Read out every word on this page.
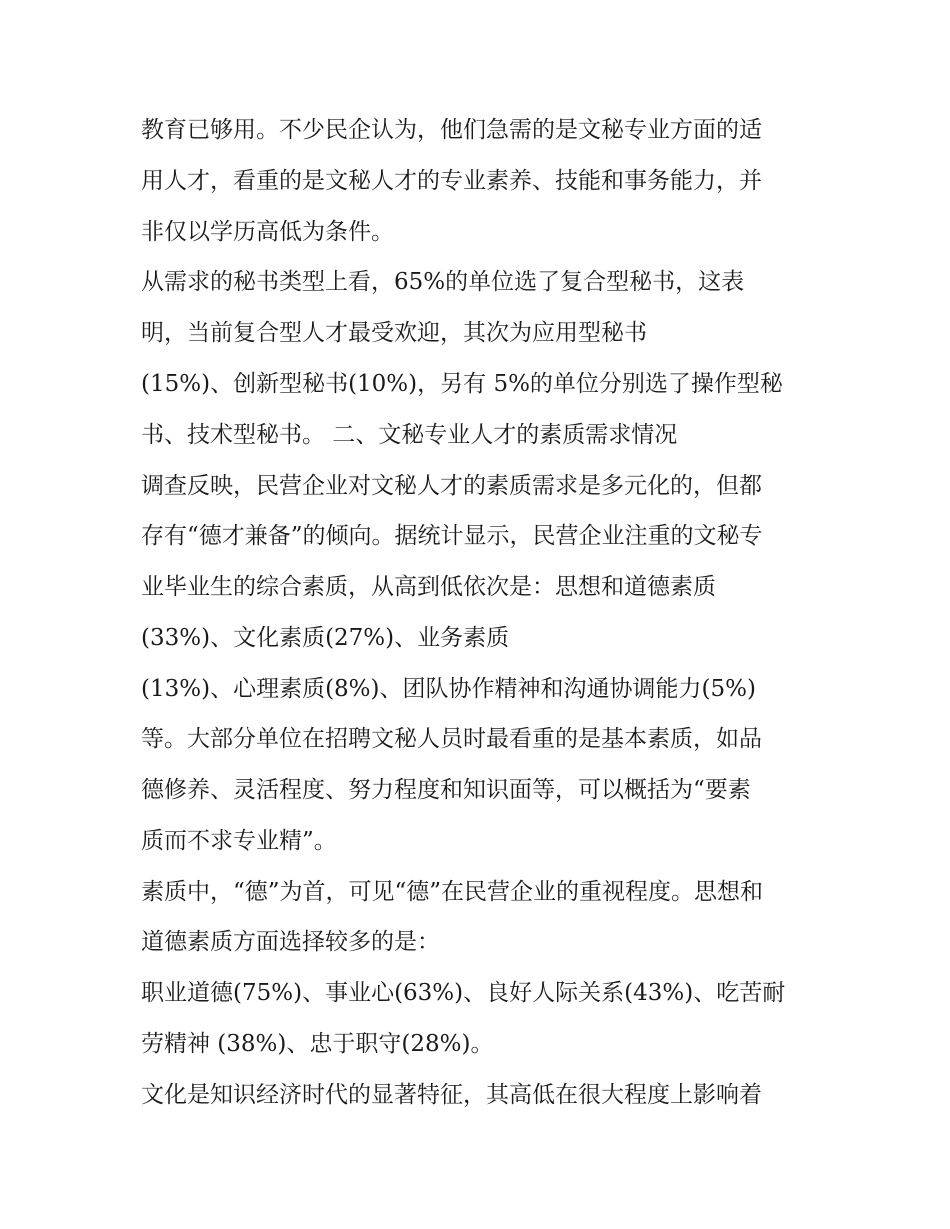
教育已够用。不少民企认为，他们急需的是文秘专业方面的适

用人才，看重的是文秘人才的专业素养、技能和事务能力，并

非仅以学历高低为条件。

从需求的秘书类型上看，65%的单位选了复合型秘书，这表

明，当前复合型人才最受欢迎，其次为应用型秘书

(15%)、创新型秘书(10%)，另有 5%的单位分别选了操作型秘

书、技术型秘书。 二、文秘专业人才的素质需求情况

调查反映，民营企业对文秘人才的素质需求是多元化的，但都

存有“德才兼备”的倾向。据统计显示，民营企业注重的文秘专

业毕业生的综合素质，从高到低依次是：思想和道德素质

(33%)、文化素质(27%)、业务素质

(13%)、心理素质(8%)、团队协作精神和沟通协调能力(5%)

等。大部分单位在招聘文秘人员时最看重的是基本素质，如品

德修养、灵活程度、努力程度和知识面等，可以概括为“要素

质而不求专业精”。

素质中，“德”为首，可见“德”在民营企业的重视程度。思想和

道德素质方面选择较多的是：

职业道德(75%)、事业心(63%)、良好人际关系(43%)、吃苦耐

劳精神 (38%)、忠于职守(28%)。

文化是知识经济时代的显著特征，其高低在很大程度上影响着
